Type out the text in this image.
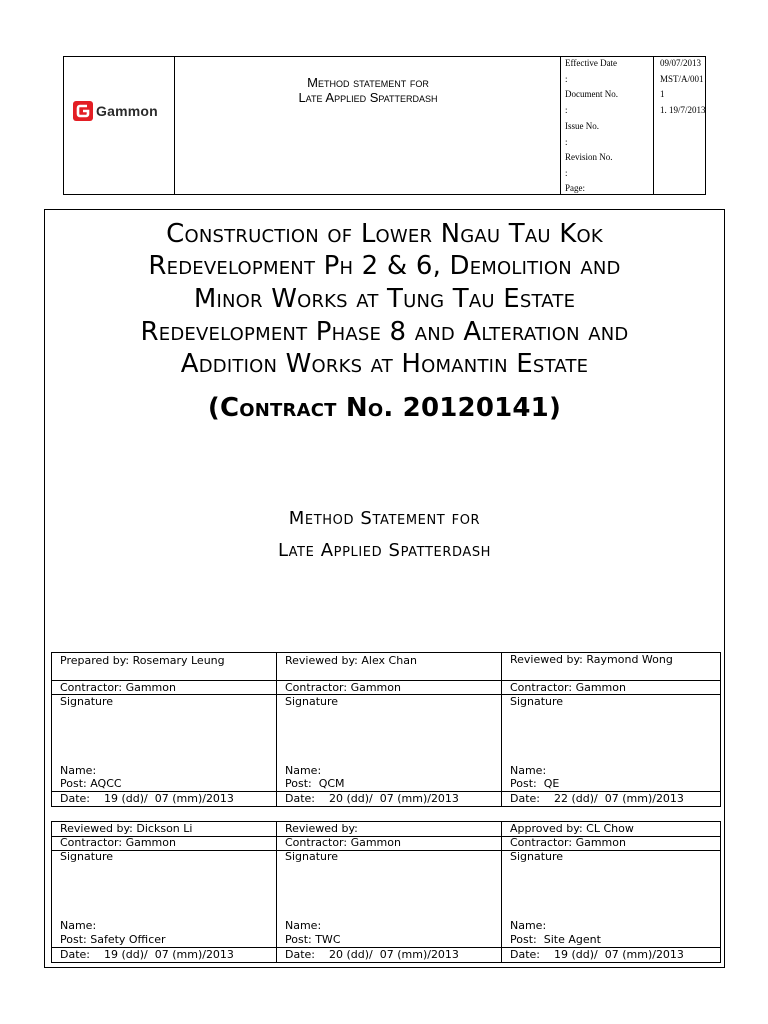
Gammon
Method statement for
Late Applied Spatterdash
Effective Date
:
Document No.
:
Issue No.
:
Revision No.
:
Page:
09/07/2013
MST/A/001
1
1. 19/7/2013
Construction of Lower Ngau Tau Kok
Redevelopment Ph 2 & 6, Demolition and
Minor Works at Tung Tau Estate
Redevelopment Phase 8 and Alteration and
Addition Works at Homantin Estate
(Contract No. 20120141)
Method Statement for
Late Applied Spatterdash
Prepared by: Rosemary Leung
Contractor: Gammon
Signature
Name:
Post: AQCC
Date:    19 (dd)/  07 (mm)/2013
Reviewed by: Alex Chan
Contractor: Gammon
Signature
Name:
Post:  QCM
Date:    20 (dd)/  07 (mm)/2013
Reviewed by: Raymond Wong
Contractor: Gammon
Signature
Name:
Post:  QE
Date:    22 (dd)/  07 (mm)/2013
Reviewed by: Dickson Li
Contractor: Gammon
Signature
Name:
Post: Safety Officer
Date:    19 (dd)/  07 (mm)/2013
Reviewed by:
Contractor: Gammon
Signature
Name:
Post: TWC
Date:    20 (dd)/  07 (mm)/2013
Approved by: CL Chow
Contractor: Gammon
Signature
Name:
Post:  Site Agent
Date:    19 (dd)/  07 (mm)/2013
